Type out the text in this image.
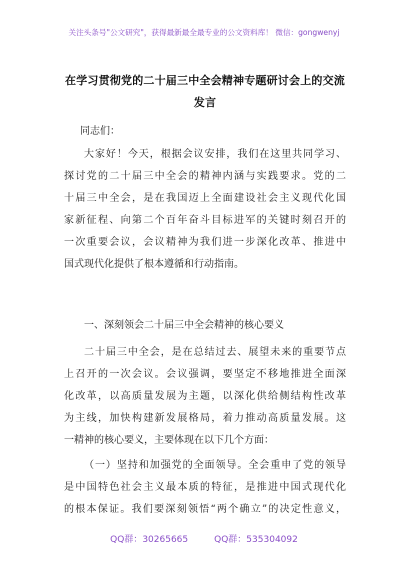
关注头条号"公文研究"，获得最新最全最专业的公文资料库！ 微信：gongwenyj
在学习贯彻党的二十届三中全会精神专题研讨会上的交流
发言
同志们：
大家好！今天，根据会议安排，我们在这里共同学习、
探讨党的二十届三中全会的精神内涵与实践要求。党的二
十届三中全会，是在我国迈上全面建设社会主义现代化国
家新征程、向第二个百年奋斗目标进军的关键时刻召开的
一次重要会议，会议精神为我们进一步深化改革、推进中
国式现代化提供了根本遵循和行动指南。
一、深刻领会二十届三中全会精神的核心要义
二十届三中全会，是在总结过去、展望未来的重要节点
上召开的一次会议。会议强调，要坚定不移地推进全面深
化改革，以高质量发展为主题，以深化供给侧结构性改革
为主线，加快构建新发展格局，着力推动高质量发展。这
一精神的核心要义，主要体现在以下几个方面：
（一）坚持和加强党的全面领导。全会重申了党的领导
是中国特色社会主义最本质的特征，是推进中国式现代化
的根本保证。我们要深刻领悟“两个确立”的决定性意义，
QQ群：30265665	QQ群：535304092
